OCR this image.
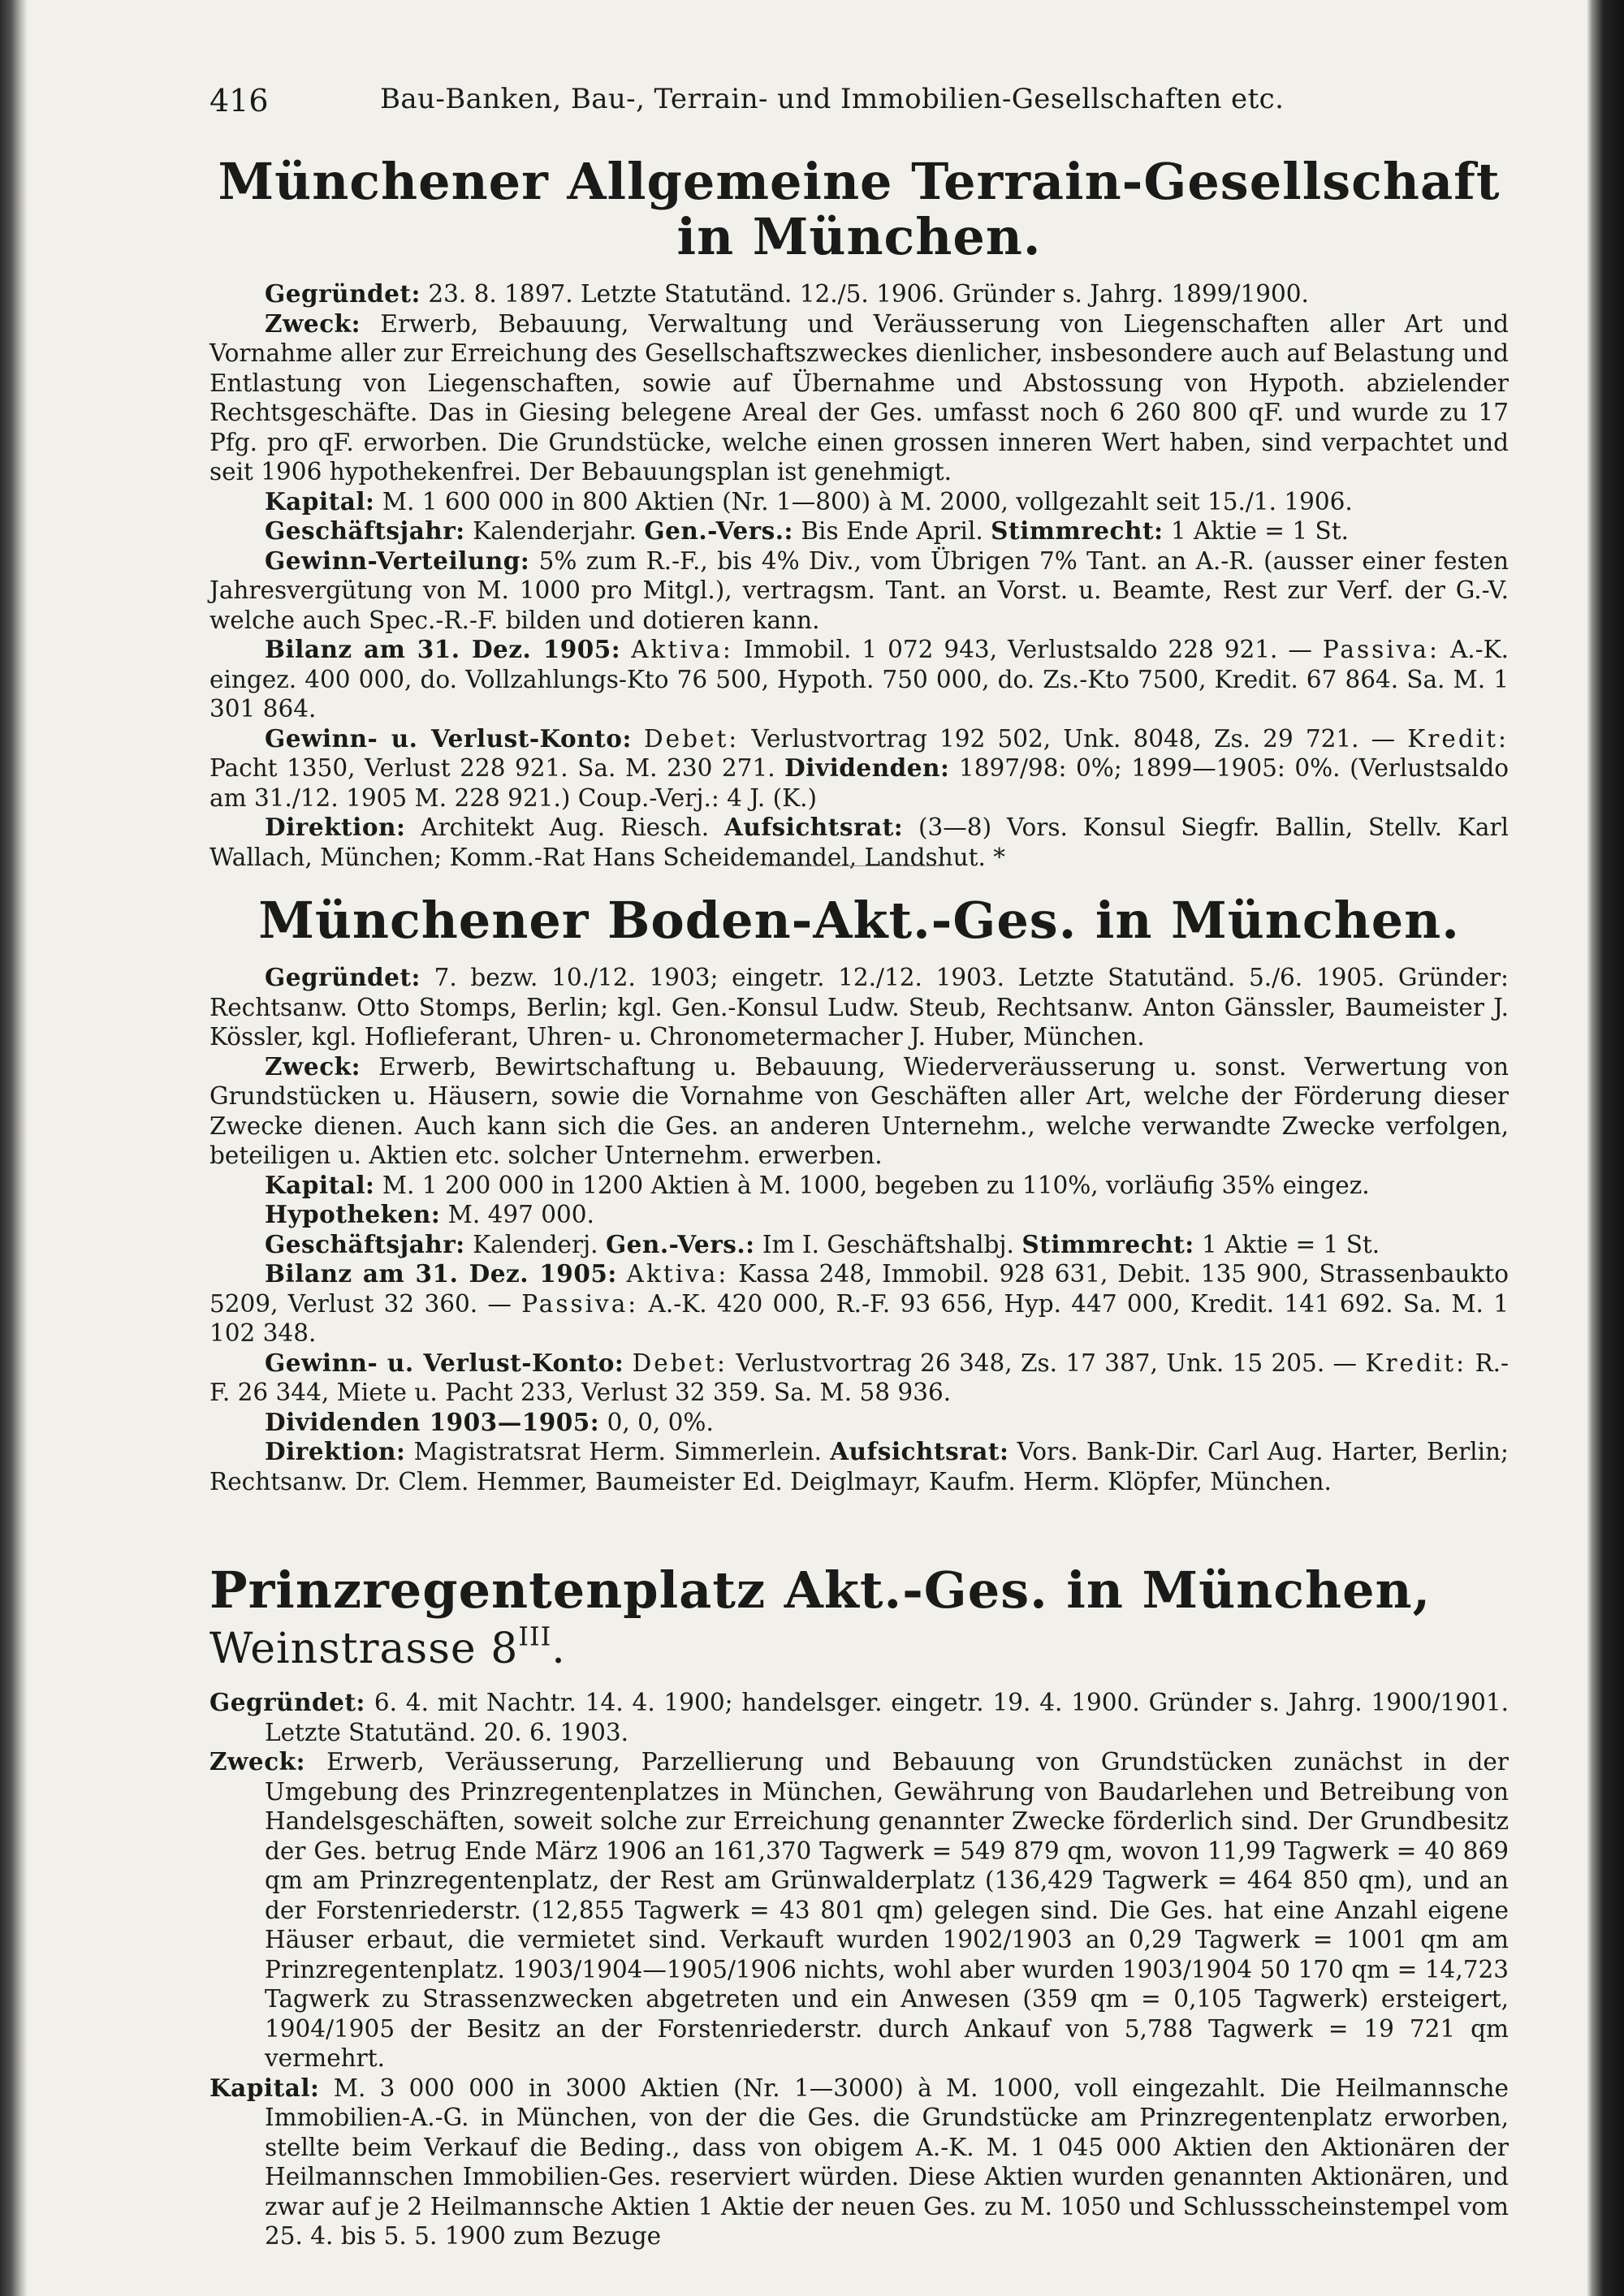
416	Bau-Banken, Bau-, Terrain- und Immobilien-Gesellschaften etc.
Münchener Allgemeine Terrain-Gesellschaft in München.

Gegründet: 23. 8. 1897. Letzte Statutänd. 12./5. 1906. Gründer s. Jahrg. 1899/1900.

Zweck: Erwerb, Bebauung, Verwaltung und Veräusserung von Liegenschaften aller Art und Vornahme aller zur Erreichung des Gesellschaftszweckes dienlicher, insbesondere auch auf Belastung und Entlastung von Liegenschaften, sowie auf Übernahme und Abstossung von Hypoth. abzielender Rechtsgeschäfte. Das in Giesing belegene Areal der Ges. umfasst noch 6 260 800 qF. und wurde zu 17 Pfg. pro qF. erworben. Die Grundstücke, welche einen grossen inneren Wert haben, sind verpachtet und seit 1906 hypothekenfrei. Der Bebauungsplan ist genehmigt.

Kapital: M. 1 600 000 in 800 Aktien (Nr. 1—800) à M. 2000, vollgezahlt seit 15./1. 1906.

Geschäftsjahr: Kalenderjahr. Gen.-Vers.: Bis Ende April. Stimmrecht: 1 Aktie = 1 St.

Gewinn-Verteilung: 5% zum R.-F., bis 4% Div., vom Übrigen 7% Tant. an A.-R. (ausser einer festen Jahresvergütung von M. 1000 pro Mitgl.), vertragsm. Tant. an Vorst. u. Beamte, Rest zur Verf. der G.-V. welche auch Spec.-R.-F. bilden und dotieren kann.

Bilanz am 31. Dez. 1905: Aktiva: Immobil. 1 072 943, Verlustsaldo 228 921. — Passiva: A.-K. eingez. 400 000, do. Vollzahlungs-Kto 76 500, Hypoth. 750 000, do. Zs.-Kto 7500, Kredit. 67 864. Sa. M. 1 301 864.

Gewinn- u. Verlust-Konto: Debet: Verlustvortrag 192 502, Unk. 8048, Zs. 29 721. — Kredit: Pacht 1350, Verlust 228 921. Sa. M. 230 271. Dividenden: 1897/98: 0%; 1899—1905: 0%. (Verlustsaldo am 31./12. 1905 M. 228 921.) Coup.-Verj.: 4 J. (K.)

Direktion: Architekt Aug. Riesch. Aufsichtsrat: (3—8) Vors. Konsul Siegfr. Ballin, Stellv. Karl Wallach, München; Komm.-Rat Hans Scheidemandel, Landshut. *

Münchener Boden-Akt.-Ges. in München.

Gegründet: 7. bezw. 10./12. 1903; eingetr. 12./12. 1903. Letzte Statutänd. 5./6. 1905. Gründer: Rechtsanw. Otto Stomps, Berlin; kgl. Gen.-Konsul Ludw. Steub, Rechtsanw. Anton Gänssler, Baumeister J. Kössler, kgl. Hoflieferant, Uhren- u. Chronometermacher J. Huber, München.

Zweck: Erwerb, Bewirtschaftung u. Bebauung, Wiederveräusserung u. sonst. Verwertung von Grundstücken u. Häusern, sowie die Vornahme von Geschäften aller Art, welche der Förderung dieser Zwecke dienen. Auch kann sich die Ges. an anderen Unternehm., welche verwandte Zwecke verfolgen, beteiligen u. Aktien etc. solcher Unternehm. erwerben.

Kapital: M. 1 200 000 in 1200 Aktien à M. 1000, begeben zu 110%, vorläufig 35% eingez.

Hypotheken: M. 497 000.

Geschäftsjahr: Kalenderj. Gen.-Vers.: Im I. Geschäftshalbj. Stimmrecht: 1 Aktie = 1 St.

Bilanz am 31. Dez. 1905: Aktiva: Kassa 248, Immobil. 928 631, Debit. 135 900, Strassenbaukto 5209, Verlust 32 360. — Passiva: A.-K. 420 000, R.-F. 93 656, Hyp. 447 000, Kredit. 141 692. Sa. M. 1 102 348.

Gewinn- u. Verlust-Konto: Debet: Verlustvortrag 26 348, Zs. 17 387, Unk. 15 205. — Kredit: R.-F. 26 344, Miete u. Pacht 233, Verlust 32 359. Sa. M. 58 936.

Dividenden 1903—1905: 0, 0, 0%.

Direktion: Magistratsrat Herm. Simmerlein. Aufsichtsrat: Vors. Bank-Dir. Carl Aug. Harter, Berlin; Rechtsanw. Dr. Clem. Hemmer, Baumeister Ed. Deiglmayr, Kaufm. Herm. Klöpfer, München.

Prinzregentenplatz Akt.-Ges. in München, Weinstrasse $8^{III}$.

Gegründet: 6. 4. mit Nachtr. 14. 4. 1900; handelsger. eingetr. 19. 4. 1900. Gründer s. Jahrg. 1900/1901. Letzte Statutänd. 20. 6. 1903.

Zweck: Erwerb, Veräusserung, Parzellierung und Bebauung von Grundstücken zunächst in der Umgebung des Prinzregentenplatzes in München, Gewährung von Baudarlehen und Betreibung von Handelsgeschäften, soweit solche zur Erreichung genannter Zwecke förderlich sind. Der Grundbesitz der Ges. betrug Ende März 1906 an 161,370 Tagwerk = 549 879 qm, wovon 11,99 Tagwerk = 40 869 qm am Prinzregentenplatz, der Rest am Grünwalderplatz (136,429 Tagwerk = 464 850 qm), und an der Forstenriederstr. (12,855 Tagwerk = 43 801 qm) gelegen sind. Die Ges. hat eine Anzahl eigene Häuser erbaut, die vermietet sind. Verkauft wurden 1902/1903 an 0,29 Tagwerk = 1001 qm am Prinzregentenplatz. 1903/1904—1905/1906 nichts, wohl aber wurden 1903/1904 50 170 qm = 14,723 Tagwerk zu Strassenzwecken abgetreten und ein Anwesen (359 qm = 0,105 Tagwerk) ersteigert, 1904/1905 der Besitz an der Forstenriederstr. durch Ankauf von 5,788 Tagwerk = 19 721 qm vermehrt.

Kapital: M. 3 000 000 in 3000 Aktien (Nr. 1—3000) à M. 1000, voll eingezahlt. Die Heilmannsche Immobilien-A.-G. in München, von der die Ges. die Grundstücke am Prinzregentenplatz erworben, stellte beim Verkauf die Beding., dass von obigem A.-K. M. 1 045 000 Aktien den Aktionären der Heilmannschen Immobilien-Ges. reserviert würden. Diese Aktien wurden genannten Aktionären, und zwar auf je 2 Heilmannsche Aktien 1 Aktie der neuen Ges. zu M. 1050 und Schlussscheinstempel vom 25. 4. bis 5. 5. 1900 zum Bezuge
